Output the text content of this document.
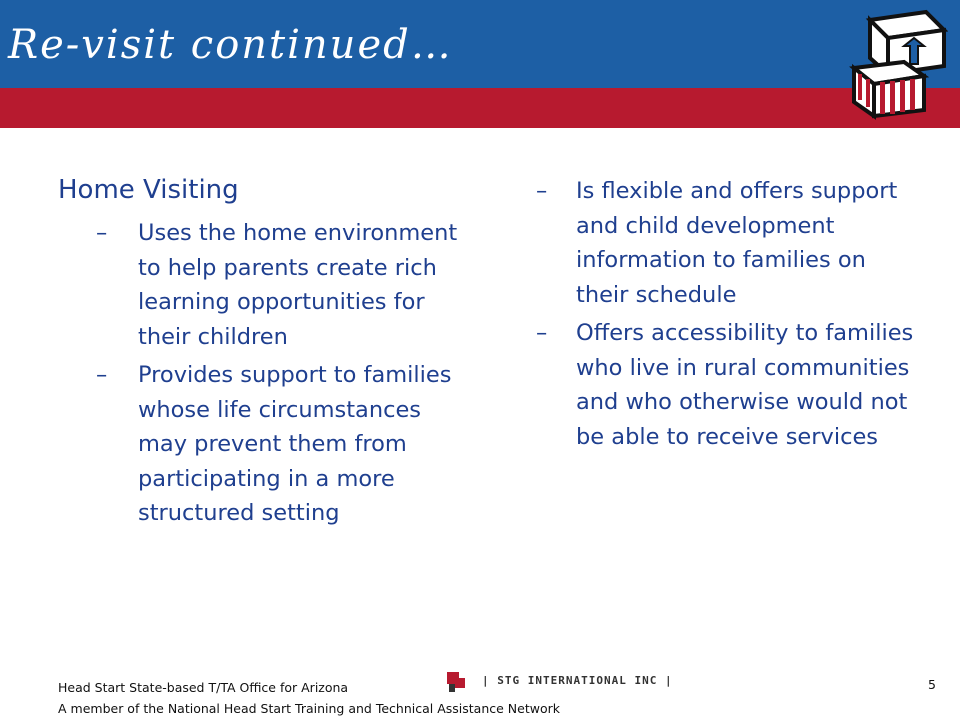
Re-visit continued…
Home Visiting
– Uses the home environment to help parents create rich learning opportunities for their children
– Provides support to families whose life circumstances may prevent them from participating in a more structured setting
– Is flexible and offers support and child development information to families on their schedule
– Offers accessibility to families who live in rural communities and who otherwise would not be able to receive services
Head Start State-based T/TA Office for Arizona
A member of the National Head Start Training and Technical Assistance Network
| STG INTERNATIONAL INC |	5
